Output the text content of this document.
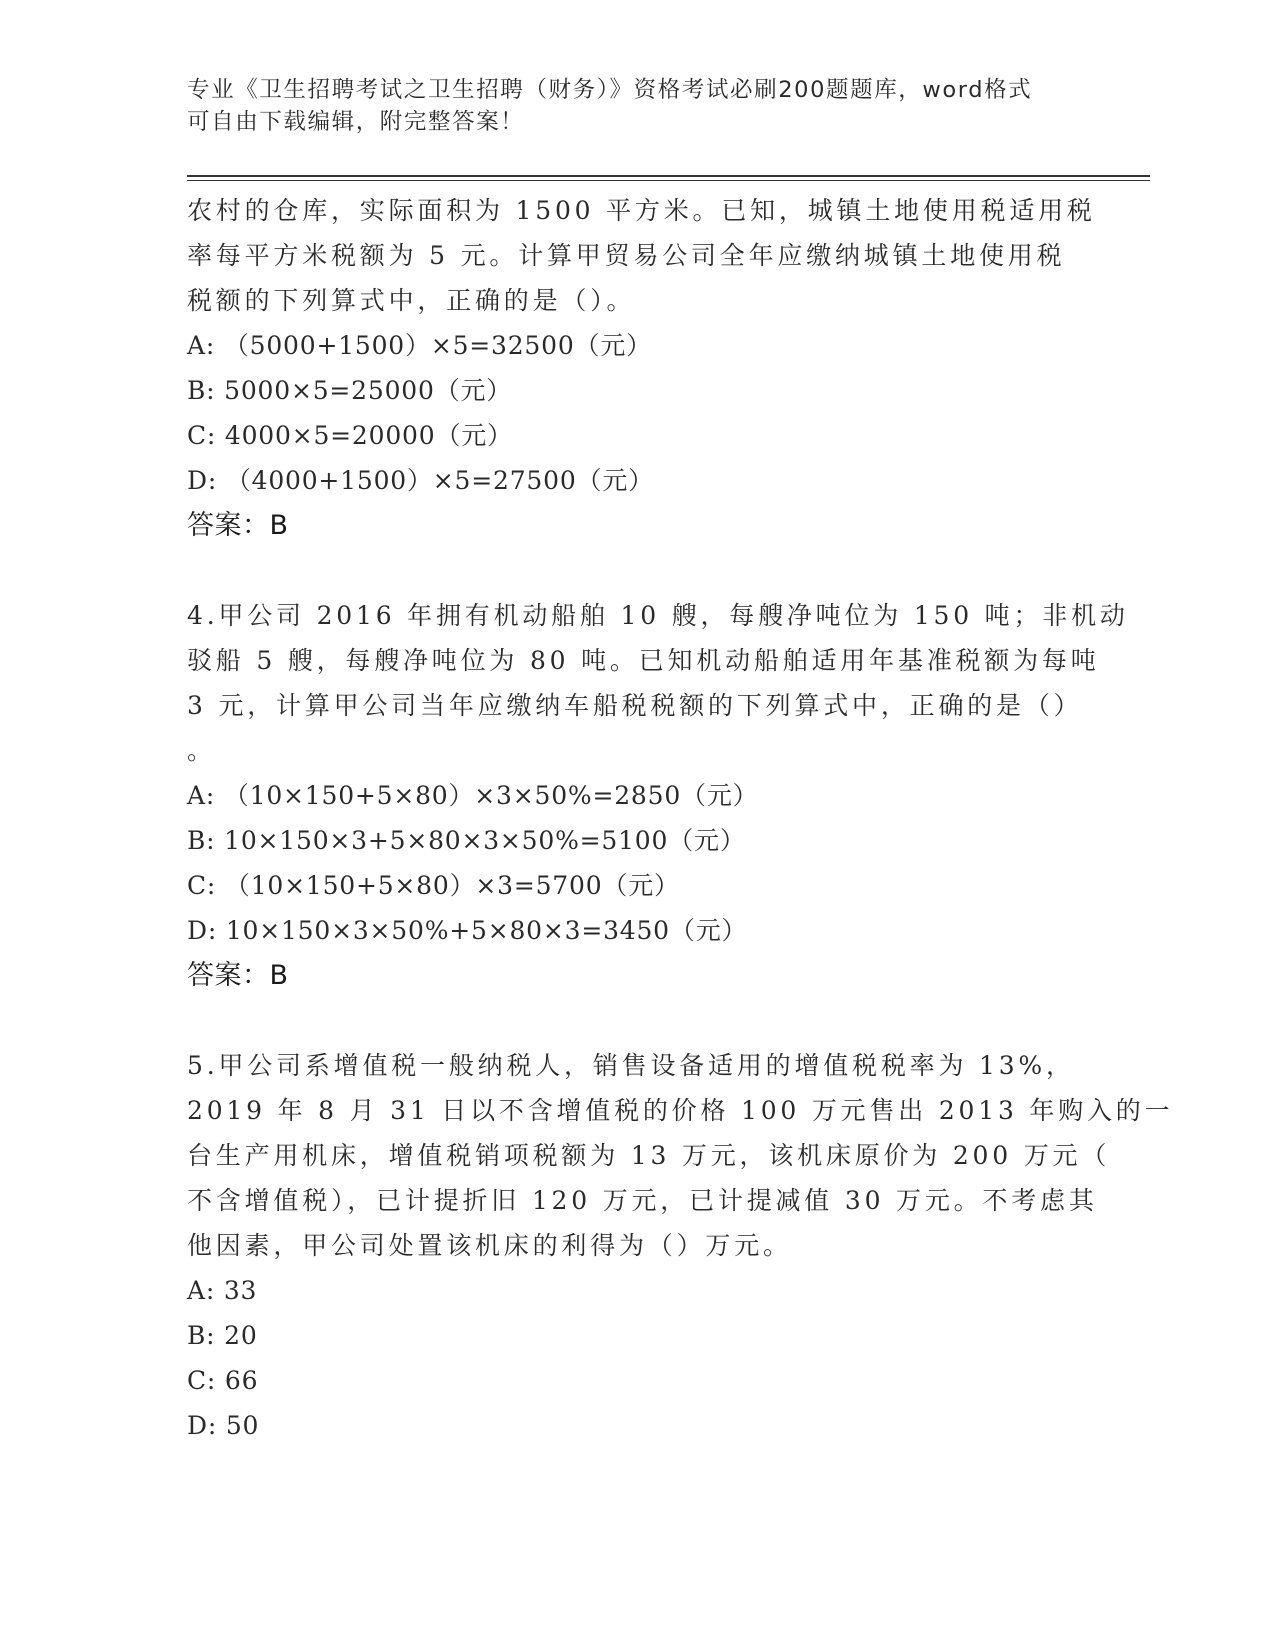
专业《卫生招聘考试之卫生招聘（财务）》资格考试必刷200题题库，word格式
可自由下载编辑，附完整答案！
农村的仓库，实际面积为 1500 平方米。已知，城镇土地使用税适用税
率每平方米税额为 5 元。计算甲贸易公司全年应缴纳城镇土地使用税
税额的下列算式中，正确的是（）。
A: （5000+1500）×5=32500（元）
B: 5000×5=25000（元）
C: 4000×5=20000（元）
D: （4000+1500）×5=27500（元）
答案：B
4.甲公司 2016 年拥有机动船舶 10 艘，每艘净吨位为 150 吨；非机动
驳船 5 艘，每艘净吨位为 80 吨。已知机动船舶适用年基准税额为每吨
3 元，计算甲公司当年应缴纳车船税税额的下列算式中，正确的是（）
。
A: （10×150+5×80）×3×50%=2850（元）
B: 10×150×3+5×80×3×50%=5100（元）
C: （10×150+5×80）×3=5700（元）
D: 10×150×3×50%+5×80×3=3450（元）
答案：B
5.甲公司系增值税一般纳税人，销售设备适用的增值税税率为 13%，
2019 年 8 月 31 日以不含增值税的价格 100 万元售出 2013 年购入的一
台生产用机床，增值税销项税额为 13 万元，该机床原价为 200 万元（
不含增值税），已计提折旧 120 万元，已计提减值 30 万元。不考虑其
他因素，甲公司处置该机床的利得为（）万元。
A: 33
B: 20
C: 66
D: 50
